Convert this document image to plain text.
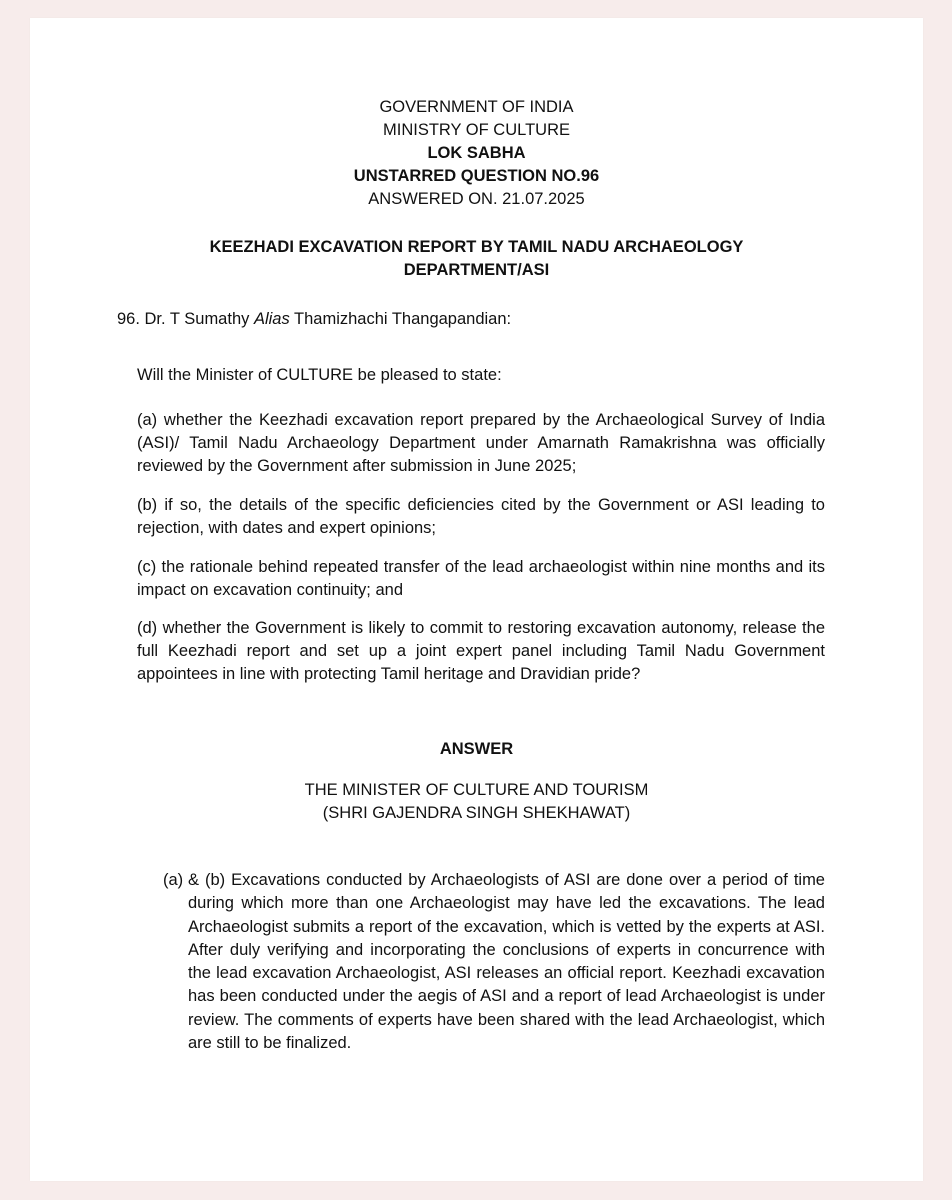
GOVERNMENT OF INDIA
MINISTRY OF CULTURE
LOK SABHA
UNSTARRED QUESTION NO.96
ANSWERED ON. 21.07.2025
KEEZHADI EXCAVATION REPORT BY TAMIL NADU ARCHAEOLOGY
DEPARTMENT/ASI
96. Dr. T Sumathy Alias Thamizhachi Thangapandian:
Will the Minister of CULTURE be pleased to state:
(a) whether the Keezhadi excavation report prepared by the Archaeological Survey of India (ASI)/ Tamil Nadu Archaeology Department under Amarnath Ramakrishna was officially reviewed by the Government after submission in June 2025;
(b) if so, the details of the specific deficiencies cited by the Government or ASI leading to rejection, with dates and expert opinions;
(c) the rationale behind repeated transfer of the lead archaeologist within nine months and its impact on excavation continuity; and
(d) whether the Government is likely to commit to restoring excavation autonomy, release the full Keezhadi report and set up a joint expert panel including Tamil Nadu Government appointees in line with protecting Tamil heritage and Dravidian pride?
ANSWER
THE MINISTER OF CULTURE AND TOURISM
(SHRI GAJENDRA SINGH SHEKHAWAT)
(a) & (b) Excavations conducted by Archaeologists of ASI are done over a period of time during which more than one Archaeologist may have led the excavations. The lead Archaeologist submits a report of the excavation, which is vetted by the experts at ASI. After duly verifying and incorporating the conclusions of experts in concurrence with the lead excavation Archaeologist, ASI releases an official report. Keezhadi excavation has been conducted under the aegis of ASI and a report of lead Archaeologist is under review. The comments of experts have been shared with the lead Archaeologist, which are still to be finalized.
